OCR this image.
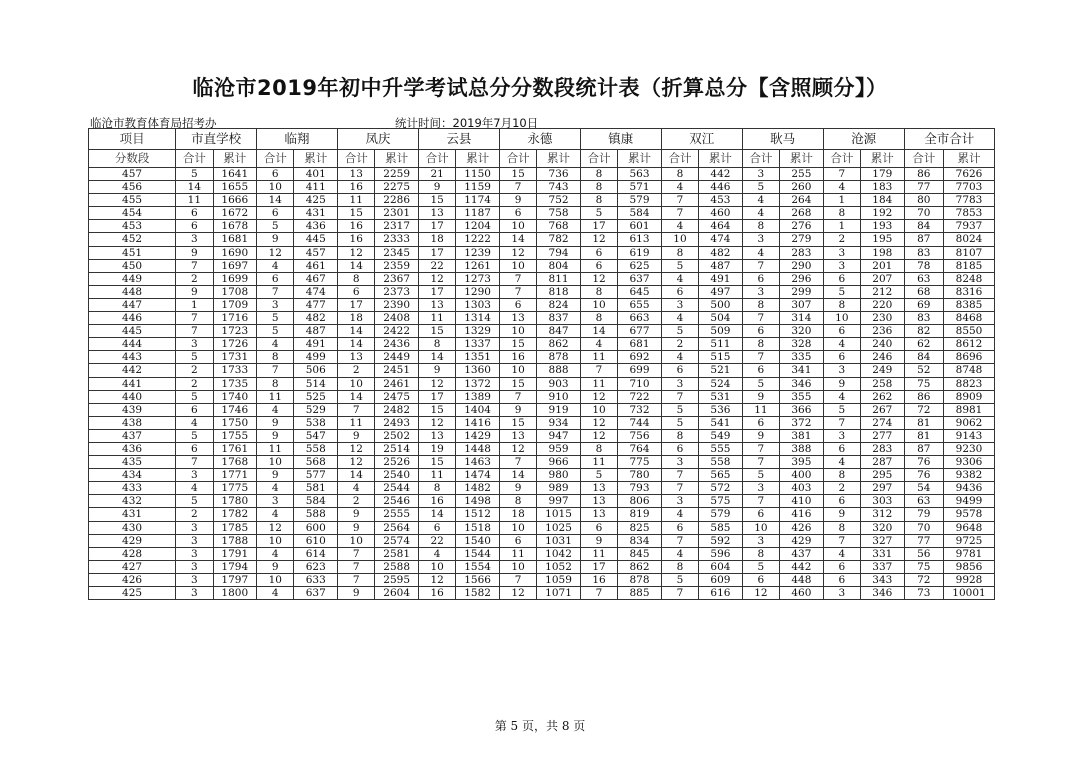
临沧市2019年初中升学考试总分分数段统计表（折算总分【含照顾分】）
临沧市教育体育局招考办	统计时间：2019年7月10日
项目	市直学校		临翔		凤庆		云县		永德		镇康		双江		耿马		沧源		全市合计	
分数段	合计	累计	合计	累计	合计	累计	合计	累计	合计	累计	合计	累计	合计	累计	合计	累计	合计	累计	合计	累计
457	5	1641	6	401	13	2259	21	1150	15	736	8	563	8	442	3	255	7	179	86	7626
456	14	1655	10	411	16	2275	9	1159	7	743	8	571	4	446	5	260	4	183	77	7703
455	11	1666	14	425	11	2286	15	1174	9	752	8	579	7	453	4	264	1	184	80	7783
454	6	1672	6	431	15	2301	13	1187	6	758	5	584	7	460	4	268	8	192	70	7853
453	6	1678	5	436	16	2317	17	1204	10	768	17	601	4	464	8	276	1	193	84	7937
452	3	1681	9	445	16	2333	18	1222	14	782	12	613	10	474	3	279	2	195	87	8024
451	9	1690	12	457	12	2345	17	1239	12	794	6	619	8	482	4	283	3	198	83	8107
450	7	1697	4	461	14	2359	22	1261	10	804	6	625	5	487	7	290	3	201	78	8185
449	2	1699	6	467	8	2367	12	1273	7	811	12	637	4	491	6	296	6	207	63	8248
448	9	1708	7	474	6	2373	17	1290	7	818	8	645	6	497	3	299	5	212	68	8316
447	1	1709	3	477	17	2390	13	1303	6	824	10	655	3	500	8	307	8	220	69	8385
446	7	1716	5	482	18	2408	11	1314	13	837	8	663	4	504	7	314	10	230	83	8468
445	7	1723	5	487	14	2422	15	1329	10	847	14	677	5	509	6	320	6	236	82	8550
444	3	1726	4	491	14	2436	8	1337	15	862	4	681	2	511	8	328	4	240	62	8612
443	5	1731	8	499	13	2449	14	1351	16	878	11	692	4	515	7	335	6	246	84	8696
442	2	1733	7	506	2	2451	9	1360	10	888	7	699	6	521	6	341	3	249	52	8748
441	2	1735	8	514	10	2461	12	1372	15	903	11	710	3	524	5	346	9	258	75	8823
440	5	1740	11	525	14	2475	17	1389	7	910	12	722	7	531	9	355	4	262	86	8909
439	6	1746	4	529	7	2482	15	1404	9	919	10	732	5	536	11	366	5	267	72	8981
438	4	1750	9	538	11	2493	12	1416	15	934	12	744	5	541	6	372	7	274	81	9062
437	5	1755	9	547	9	2502	13	1429	13	947	12	756	8	549	9	381	3	277	81	9143
436	6	1761	11	558	12	2514	19	1448	12	959	8	764	6	555	7	388	6	283	87	9230
435	7	1768	10	568	12	2526	15	1463	7	966	11	775	3	558	7	395	4	287	76	9306
434	3	1771	9	577	14	2540	11	1474	14	980	5	780	7	565	5	400	8	295	76	9382
433	4	1775	4	581	4	2544	8	1482	9	989	13	793	7	572	3	403	2	297	54	9436
432	5	1780	3	584	2	2546	16	1498	8	997	13	806	3	575	7	410	6	303	63	9499
431	2	1782	4	588	9	2555	14	1512	18	1015	13	819	4	579	6	416	9	312	79	9578
430	3	1785	12	600	9	2564	6	1518	10	1025	6	825	6	585	10	426	8	320	70	9648
429	3	1788	10	610	10	2574	22	1540	6	1031	9	834	7	592	3	429	7	327	77	9725
428	3	1791	4	614	7	2581	4	1544	11	1042	11	845	4	596	8	437	4	331	56	9781
427	3	1794	9	623	7	2588	10	1554	10	1052	17	862	8	604	5	442	6	337	75	9856
426	3	1797	10	633	7	2595	12	1566	7	1059	16	878	5	609	6	448	6	343	72	9928
425	3	1800	4	637	9	2604	16	1582	12	1071	7	885	7	616	12	460	3	346	73	10001
第 5 页，共 8 页
